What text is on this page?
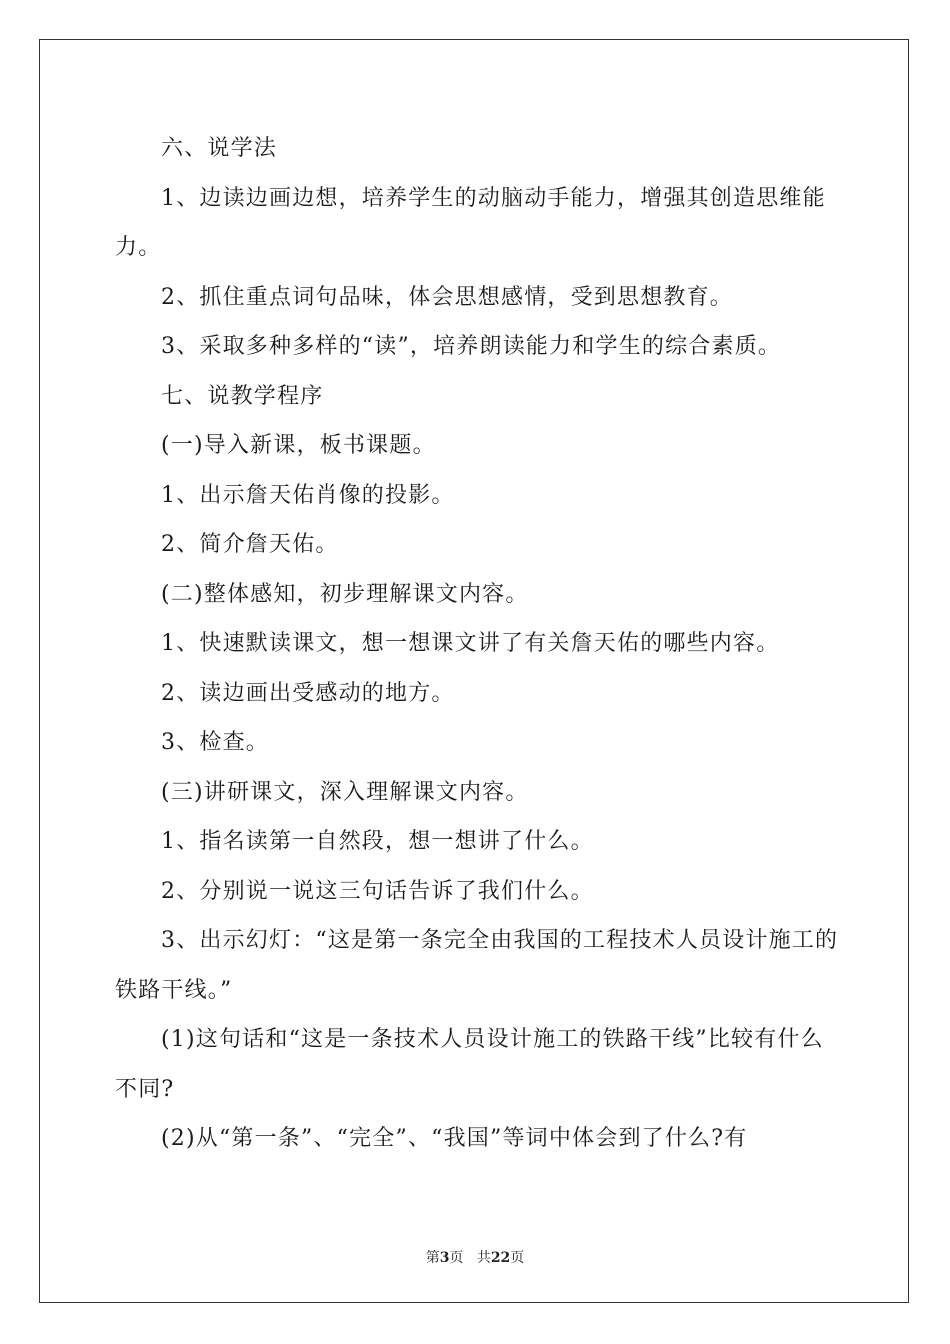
六、说学法

1、边读边画边想，培养学生的动脑动手能力，增强其创造思维能力。

2、抓住重点词句品味，体会思想感情，受到思想教育。

3、采取多种多样的“读”，培养朗读能力和学生的综合素质。

七、说教学程序

(一)导入新课，板书课题。

1、出示詹天佑肖像的投影。

2、简介詹天佑。

(二)整体感知，初步理解课文内容。

1、快速默读课文，想一想课文讲了有关詹天佑的哪些内容。

2、读边画出受感动的地方。

3、检查。

(三)讲研课文，深入理解课文内容。

1、指名读第一自然段，想一想讲了什么。

2、分别说一说这三句话告诉了我们什么。

3、出示幻灯：“这是第一条完全由我国的工程技术人员设计施工的铁路干线。”

(1)这句话和“这是一条技术人员设计施工的铁路干线”比较有什么不同?

(2)从“第一条”、“完全”、“我国”等词中体会到了什么?有

第3页 共22页
